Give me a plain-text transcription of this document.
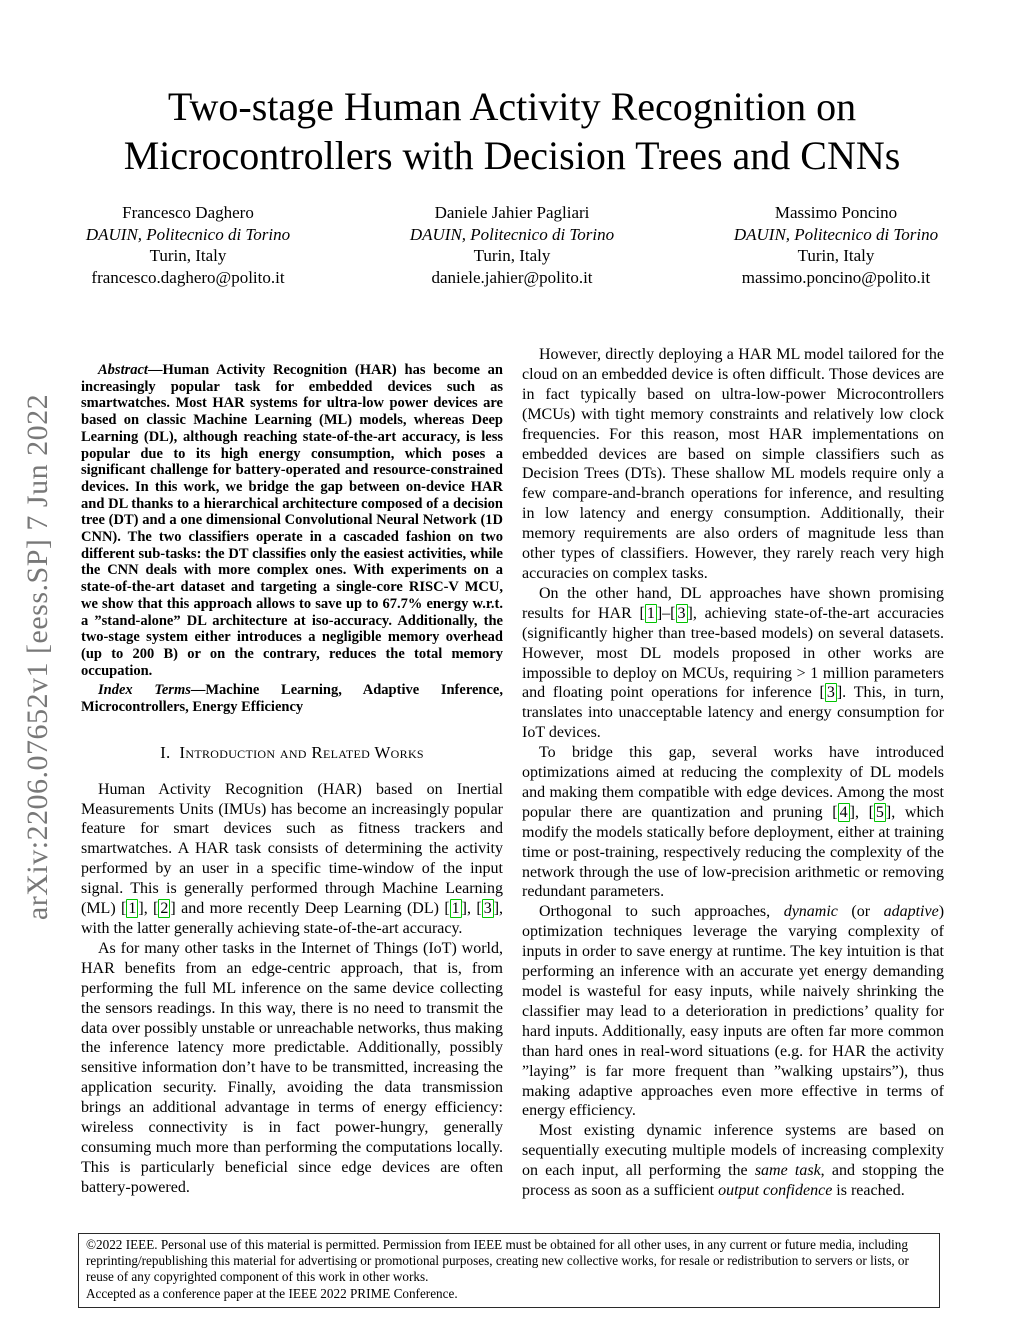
arXiv:2206.07652v1 [eess.SP] 7 Jun 2022
Two-stage Human Activity Recognition on
Microcontrollers with Decision Trees and CNNs
Francesco Daghero
DAUIN, Politecnico di Torino
Turin, Italy
francesco.daghero@polito.it
Daniele Jahier Pagliari
DAUIN, Politecnico di Torino
Turin, Italy
daniele.jahier@polito.it
Massimo Poncino
DAUIN, Politecnico di Torino
Turin, Italy
massimo.poncino@polito.it

Abstract—Human Activity Recognition (HAR) has become an increasingly popular task for embedded devices such as smartwatches. Most HAR systems for ultra-low power devices are based on classic Machine Learning (ML) models, whereas Deep Learning (DL), although reaching state-of-the-art accuracy, is less popular due to its high energy consumption, which poses a significant challenge for battery-operated and resource-constrained devices. In this work, we bridge the gap between on-device HAR and DL thanks to a hierarchical architecture composed of a decision tree (DT) and a one dimensional Convolutional Neural Network (1D CNN). The two classifiers operate in a cascaded fashion on two different sub-tasks: the DT classifies only the easiest activities, while the CNN deals with more complex ones. With experiments on a state-of-the-art dataset and targeting a single-core RISC-V MCU, we show that this approach allows to save up to 67.7% energy w.r.t. a ”stand-alone” DL architecture at iso-accuracy. Additionally, the two-stage system either introduces a negligible memory overhead (up to 200 B) or on the contrary, reduces the total memory occupation.

Index Terms—Machine Learning, Adaptive Inference, Microcontrollers, Energy Efficiency

I. Introduction and Related Works

Human Activity Recognition (HAR) based on Inertial Measurements Units (IMUs) has become an increasingly popular feature for smart devices such as fitness trackers and smartwatches. A HAR task consists of determining the activity performed by an user in a specific time-window of the input signal. This is generally performed through Machine Learning (ML) [ 1 ], [ 2 ] and more recently Deep Learning (DL) [ 1 ], [ 3 ], with the latter generally achieving state-of-the-art accuracy.

As for many other tasks in the Internet of Things (IoT) world, HAR benefits from an edge-centric approach, that is, from performing the full ML inference on the same device collecting the sensors readings. In this way, there is no need to transmit the data over possibly unstable or unreachable networks, thus making the inference latency more predictable. Additionally, possibly sensitive information don’t have to be transmitted, increasing the application security. Finally, avoiding the data transmission brings an additional advantage in terms of energy efficiency: wireless connectivity is in fact power-hungry, generally consuming much more than performing the computations locally. This is particularly beneficial since edge devices are often battery-powered.

However, directly deploying a HAR ML model tailored for the cloud on an embedded device is often difficult. Those devices are in fact typically based on ultra-low-power Microcontrollers (MCUs) with tight memory constraints and relatively low clock frequencies. For this reason, most HAR implementations on embedded devices are based on simple classifiers such as Decision Trees (DTs). These shallow ML models require only a few compare-and-branch operations for inference, and resulting in low latency and energy consumption. Additionally, their memory requirements are also orders of magnitude less than other types of classifiers. However, they rarely reach very high accuracies on complex tasks.

On the other hand, DL approaches have shown promising results for HAR [ 1 ]–[ 3 ], achieving state-of-the-art accuracies (significantly higher than tree-based models) on several datasets. However, most DL models proposed in other works are impossible to deploy on MCUs, requiring > 1 million parameters and floating point operations for inference [ 3 ]. This, in turn, translates into unacceptable latency and energy consumption for IoT devices.

To bridge this gap, several works have introduced optimizations aimed at reducing the complexity of DL models and making them compatible with edge devices. Among the most popular there are quantization and pruning [ 4 ], [ 5 ], which modify the models statically before deployment, either at training time or post-training, respectively reducing the complexity of the network through the use of low-precision arithmetic or removing redundant parameters.

Orthogonal to such approaches, dynamic (or adaptive) optimization techniques leverage the varying complexity of inputs in order to save energy at runtime. The key intuition is that performing an inference with an accurate yet energy demanding model is wasteful for easy inputs, while naively shrinking the classifier may lead to a deterioration in predictions’ quality for hard inputs. Additionally, easy inputs are often far more common than hard ones in real-word situations (e.g. for HAR the activity ”laying” is far more frequent than ”walking upstairs”), thus making adaptive approaches even more effective in terms of energy efficiency.

Most existing dynamic inference systems are based on sequentially executing multiple models of increasing complexity on each input, all performing the same task, and stopping the process as soon as a sufficient output confidence is reached.

©2022 IEEE. Personal use of this material is permitted. Permission from IEEE must be obtained for all other uses, in any current or future media, including reprinting/republishing this material for advertising or promotional purposes, creating new collective works, for resale or redistribution to servers or lists, or reuse of any copyrighted component of this work in other works.
Accepted as a conference paper at the IEEE 2022 PRIME Conference.
